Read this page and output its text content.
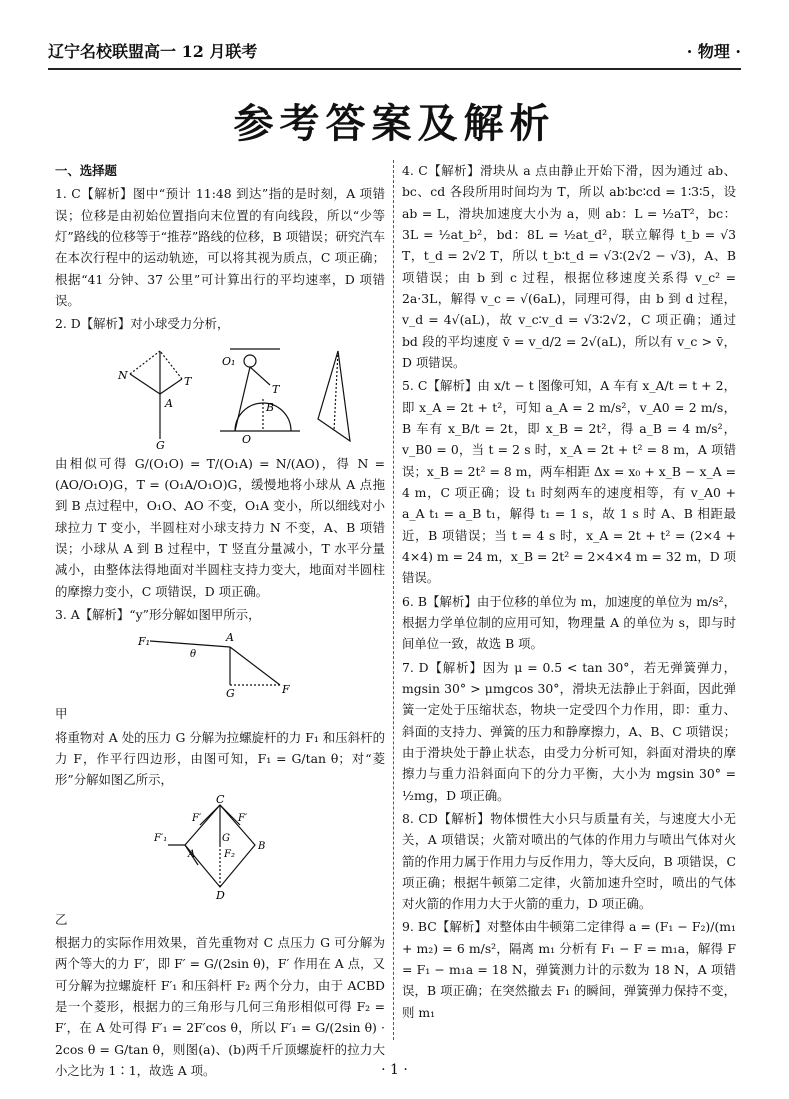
辽宁名校联盟高一 12 月联考	· 物理 ·
参考答案及解析

一、选择题

1. C【解析】图中“预计 11:48 到达”指的是时刻，A 项错误；位移是由初始位置指向末位置的有向线段，所以“少等灯”路线的位移等于“推荐”路线的位移，B 项错误；研究汽车在本次行程中的运动轨迹，可以将其视为质点，C 项正确；根据“41 分钟、37 公里”可计算出行的平均速率，D 项错误。

2. D【解析】对小球受力分析，

T
N
A
G
O₁
T
B
O

由相似可得 G/(O₁O) = T/(O₁A) = N/(AO)，得 N = (AO/O₁O)G，T = (O₁A/O₁O)G，缓慢地将小球从 A 点拖到 B 点过程中，O₁O、AO 不变，O₁A 变小，所以细线对小球拉力 T 变小，半圆柱对小球支持力 N 不变，A、B 项错误；小球从 A 到 B 过程中，T 竖直分量减小，T 水平分量减小，由整体法得地面对半圆柱支持力变大，地面对半圆柱的摩擦力变小，C 项错误，D 项正确。

3. A【解析】“y”形分解如图甲所示，

F₁
θ
A
G	F

甲

将重物对 A 处的压力 G 分解为拉螺旋杆的力 F₁ 和压斜杆的力 F，作平行四边形，由图可知，F₁ = G/tan θ；对“菱形”分解如图乙所示，

C
F′	F′
F′₁
A	F₂
G
B
D

乙

根据力的实际作用效果，首先重物对 C 点压力 G 可分解为两个等大的力 F′，即 F′ = G/(2sin θ)，F′ 作用在 A 点，又可分解为拉螺旋杆 F′₁ 和压斜杆 F₂ 两个分力，由于 ACBD 是一个菱形，根据力的三角形与几何三角形相似可得 F₂ = F′，在 A 处可得 F′₁ = 2F′cos θ，所以 F′₁ = G/(2sin θ) · 2cos θ = G/tan θ，则图(a)、(b)两千斤顶螺旋杆的拉力大小之比为 1∶1，故选 A 项。

4. C【解析】滑块从 a 点由静止开始下滑，因为通过 ab、bc、cd 各段所用时间均为 T，所以 ab∶bc∶cd = 1∶3∶5，设 ab = L，滑块加速度大小为 a，则 ab：L = ½aT²，bc：3L = ½at_b²，bd：8L = ½at_d²，联立解得 t_b = √3 T，t_d = 2√2 T，所以 t_b∶t_d = √3∶(2√2 − √3)，A、B 项错误；由 b 到 c 过程，根据位移速度关系得 v_c² = 2a·3L，解得 v_c = √(6aL)，同理可得，由 b 到 d 过程，v_d = 4√(aL)，故 v_c∶v_d = √3∶2√2，C 项正确；通过 bd 段的平均速度 v̄ = v_d/2 = 2√(aL)，所以有 v_c > v̄，D 项错误。

5. C【解析】由 x/t − t 图像可知，A 车有 x_A/t = t + 2，即 x_A = 2t + t²，可知 a_A = 2 m/s²，v_A0 = 2 m/s，B 车有 x_B/t = 2t，即 x_B = 2t²，得 a_B = 4 m/s²，v_B0 = 0，当 t = 2 s 时，x_A = 2t + t² = 8 m，A 项错误；x_B = 2t² = 8 m，两车相距 Δx = x₀ + x_B − x_A = 4 m，C 项正确；设 t₁ 时刻两车的速度相等，有 v_A0 + a_A t₁ = a_B t₁，解得 t₁ = 1 s，故 1 s 时 A、B 相距最近，B 项错误；当 t = 4 s 时，x_A = 2t + t² = (2×4 + 4×4) m = 24 m，x_B = 2t² = 2×4×4 m = 32 m，D 项错误。

6. B【解析】由于位移的单位为 m，加速度的单位为 m/s²，根据力学单位制的应用可知，物理量 A 的单位为 s，即与时间单位一致，故选 B 项。

7. D【解析】因为 μ = 0.5 < tan 30°，若无弹簧弹力，mgsin 30° > μmgcos 30°，滑块无法静止于斜面，因此弹簧一定处于压缩状态，物块一定受四个力作用，即：重力、斜面的支持力、弹簧的压力和静摩擦力，A、B、C 项错误；由于滑块处于静止状态，由受力分析可知，斜面对滑块的摩擦力与重力沿斜面向下的分力平衡，大小为 mgsin 30° = ½mg，D 项正确。

8. CD【解析】物体惯性大小只与质量有关，与速度大小无关，A 项错误；火箭对喷出的气体的作用力与喷出气体对火箭的作用力属于作用力与反作用力，等大反向，B 项错误，C 项正确；根据牛顿第二定律，火箭加速升空时，喷出的气体对火箭的作用力大于火箭的重力，D 项正确。

9. BC【解析】对整体由牛顿第二定律得 a = (F₁ − F₂)/(m₁ + m₂) = 6 m/s²，隔离 m₁ 分析有 F₁ − F = m₁a，解得 F = F₁ − m₁a = 18 N，弹簧测力计的示数为 18 N，A 项错误，B 项正确；在突然撤去 F₁ 的瞬间，弹簧弹力保持不变，则 m₁

· 1 ·
